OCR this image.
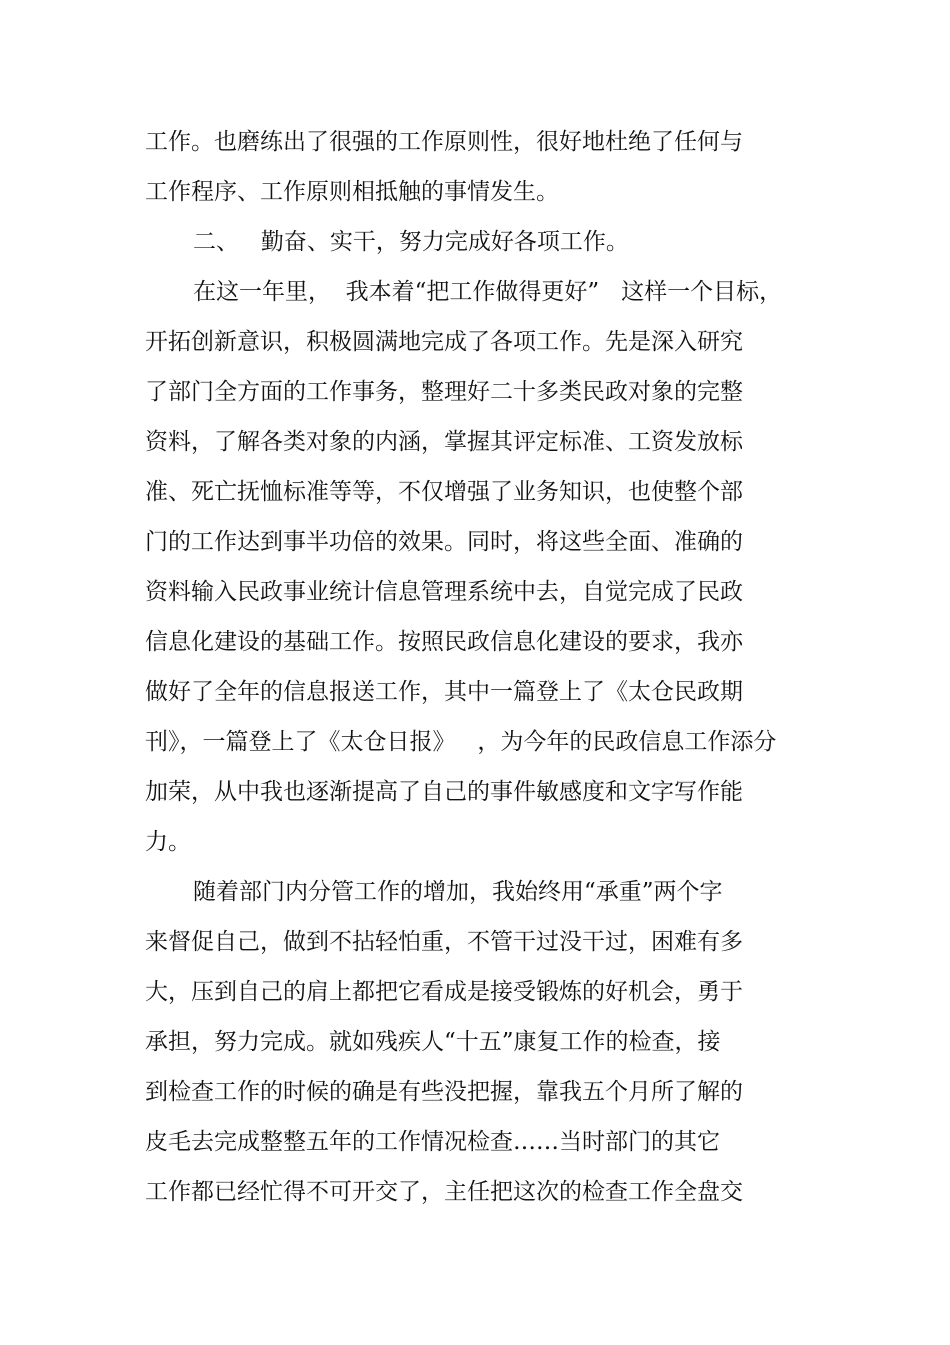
工作。也磨练出了很强的工作原则性，很好地杜绝了任何与
工作程序、工作原则相抵触的事情发生。
二、   勤奋、实干，努力完成好各项工作。
在这一年里，  我本着“把工作做得更好”   这样一个目标，
开拓创新意识，积极圆满地完成了各项工作。先是深入研究
了部门全方面的工作事务，整理好二十多类民政对象的完整
资料，了解各类对象的内涵，掌握其评定标准、工资发放标
准、死亡抚恤标准等等，不仅增强了业务知识，也使整个部
门的工作达到事半功倍的效果。同时，将这些全面、准确的
资料输入民政事业统计信息管理系统中去，自觉完成了民政
信息化建设的基础工作。按照民政信息化建设的要求，我亦
做好了全年的信息报送工作，其中一篇登上了《太仓民政期
刊》，一篇登上了《太仓日报》   ，为今年的民政信息工作添分
加荣，从中我也逐渐提高了自己的事件敏感度和文字写作能
力。
随着部门内分管工作的增加，我始终用“承重”两个字
来督促自己，做到不拈轻怕重，不管干过没干过，困难有多
大，压到自己的肩上都把它看成是接受锻炼的好机会，勇于
承担，努力完成。就如残疾人“十五”康复工作的检查，接
到检查工作的时候的确是有些没把握，靠我五个月所了解的
皮毛去完成整整五年的工作情况检查……当时部门的其它
工作都已经忙得不可开交了，主任把这次的检查工作全盘交
